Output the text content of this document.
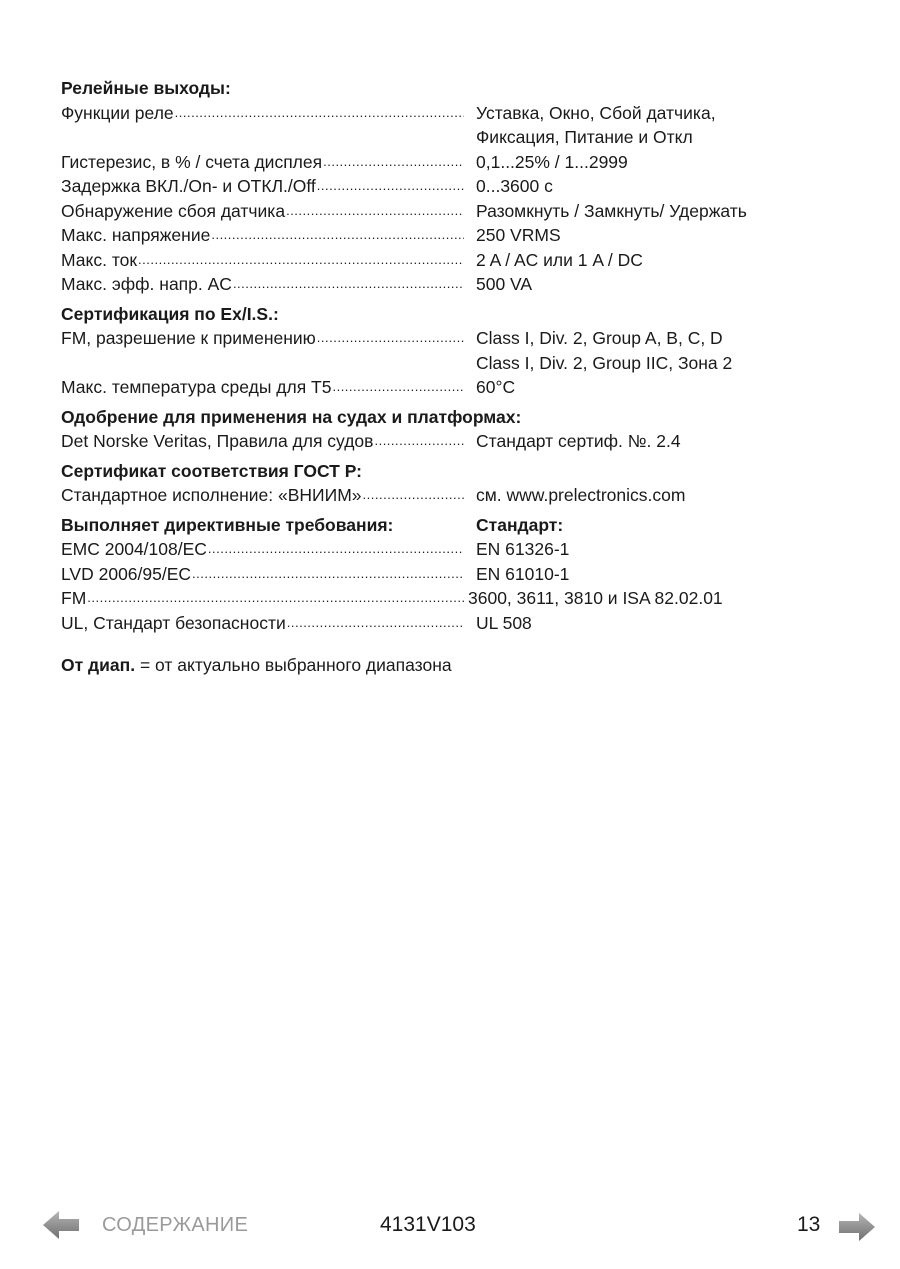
Релейные выходы:
Функции реле .....	Уставка, Окно, Сбой датчика,
Фиксация, Питание и Откл
Гистерезис, в % / счета дисплея .....	0,1...25% / 1...2999
Задержка ВКЛ./On- и ОТКЛ./Off .....	0...3600 с
Обнаружение сбоя датчика .....	Разомкнуть / Замкнуть/ Удержать
Макс. напряжение .....	250 VRMS
Макс. ток .....	2 A / AC или 1 A / DC
Макс. эфф. напр. AC .....	500 VA
Сертификация по Ex/I.S.:
FM, разрешение к применению .....	Class I, Div. 2, Group A, B, C, D
Class I, Div. 2, Group IIC, Зона 2
Макс. температура среды для T5 .....	60°C
Одобрение для применения на судах и платформах:
Det Norske Veritas, Правила для судов .....	Стандарт сертиф. №. 2.4
Сертификат соответствия ГОСТ Р:
Стандартное исполнение: «ВНИИМ» .....	см. www.prelectronics.com
Выполняет директивные требования:	Стандарт:
EMC 2004/108/EC .....	EN 61326-1
LVD 2006/95/EC .....	EN 61010-1
FM .....	3600, 3611, 3810 и ISA 82.02.01
UL, Стандарт безопасности .....	UL 508
От диап. = от актуально выбранного диапазона
СОДЕРЖАНИЕ	4131V103	13
